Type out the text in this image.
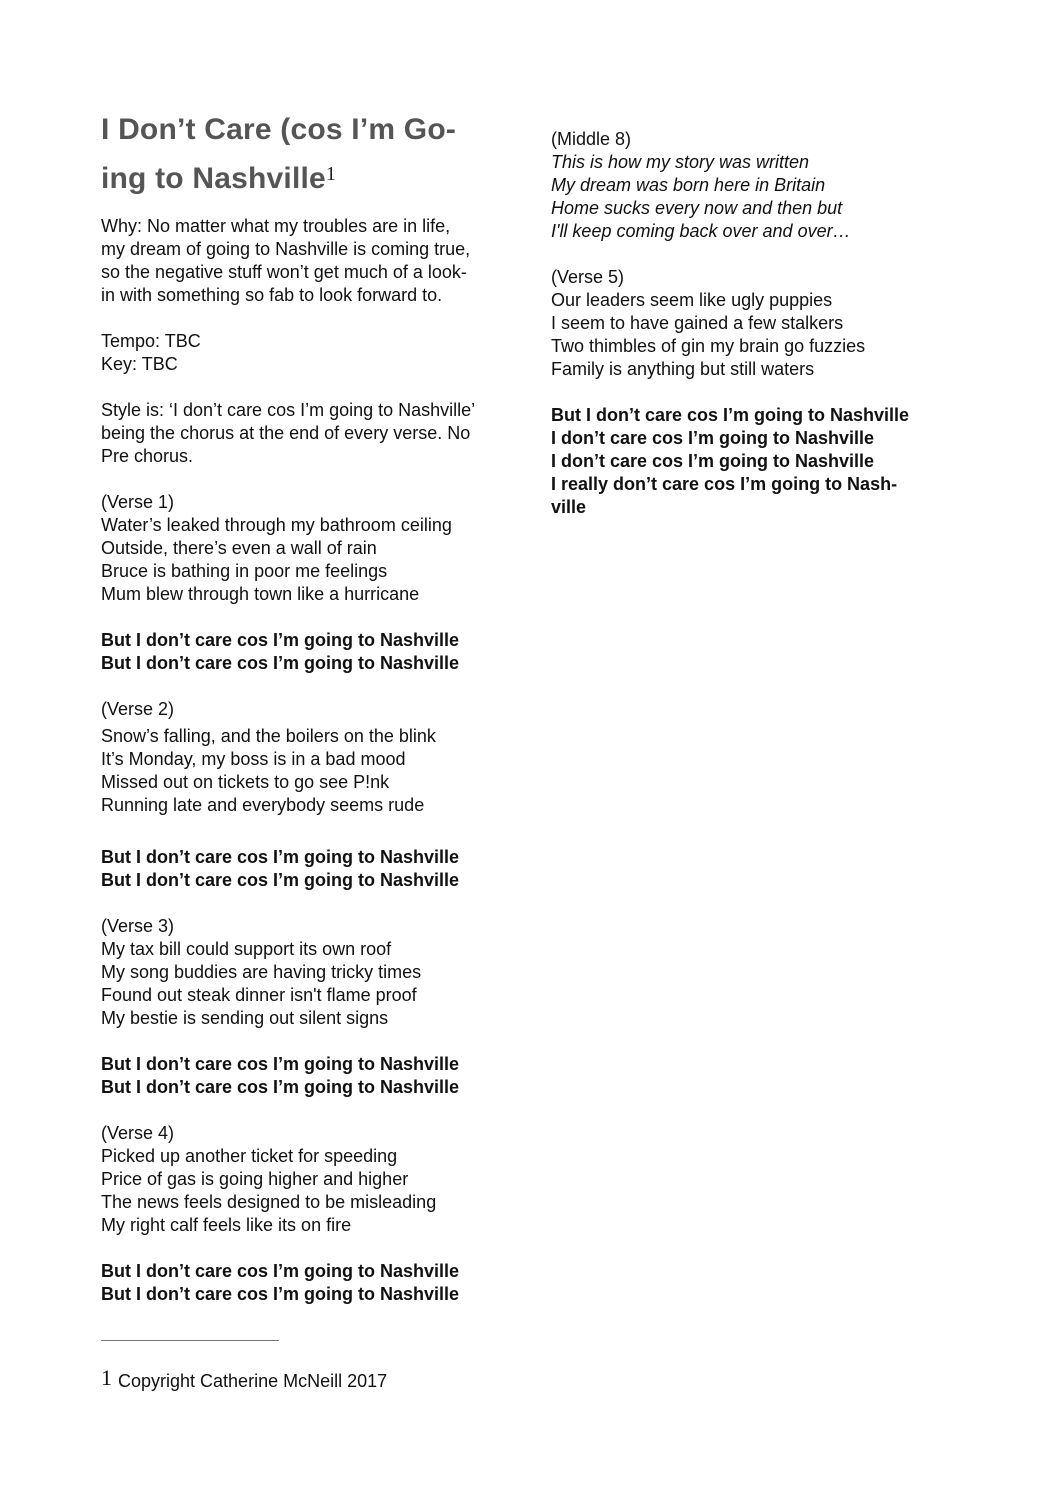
I Don’t Care (cos I’m Go-
ing to Nashville$^1$
Why: No matter what my troubles are in life,
my dream of going to Nashville is coming true,
so the negative stuff won’t get much of a look-
in with something so fab to look forward to.
Tempo: TBC
Key: TBC
Style is: ‘I don’t care cos I’m going to Nashville’
being the chorus at the end of every verse. No
Pre chorus.
(Verse 1)
Water’s leaked through my bathroom ceiling
Outside, there’s even a wall of rain
Bruce is bathing in poor me feelings
Mum blew through town like a hurricane
But I don’t care cos I’m going to Nashville
But I don’t care cos I’m going to Nashville
(Verse 2)
Snow’s falling, and the boilers on the blink
It’s Monday, my boss is in a bad mood
Missed out on tickets to go see P!nk
Running late and everybody seems rude
But I don’t care cos I’m going to Nashville
But I don’t care cos I’m going to Nashville
(Verse 3)
My tax bill could support its own roof
My song buddies are having tricky times
Found out steak dinner isn't flame proof
My bestie is sending out silent signs
But I don’t care cos I’m going to Nashville
But I don’t care cos I’m going to Nashville
(Verse 4)
Picked up another ticket for speeding
Price of gas is going higher and higher
The news feels designed to be misleading
My right calf feels like its on fire
But I don’t care cos I’m going to Nashville
But I don’t care cos I’m going to Nashville
(Middle 8)
This is how my story was written
My dream was born here in Britain
Home sucks every now and then but
I'll keep coming back over and over…
(Verse 5)
Our leaders seem like ugly puppies
I seem to have gained a few stalkers
Two thimbles of gin my brain go fuzzies
Family is anything but still waters
But I don’t care cos I’m going to Nashville
I don’t care cos I’m going to Nashville
I don’t care cos I’m going to Nashville
I really don’t care cos I’m going to Nash-
ville
1 Copyright Catherine McNeill 2017
